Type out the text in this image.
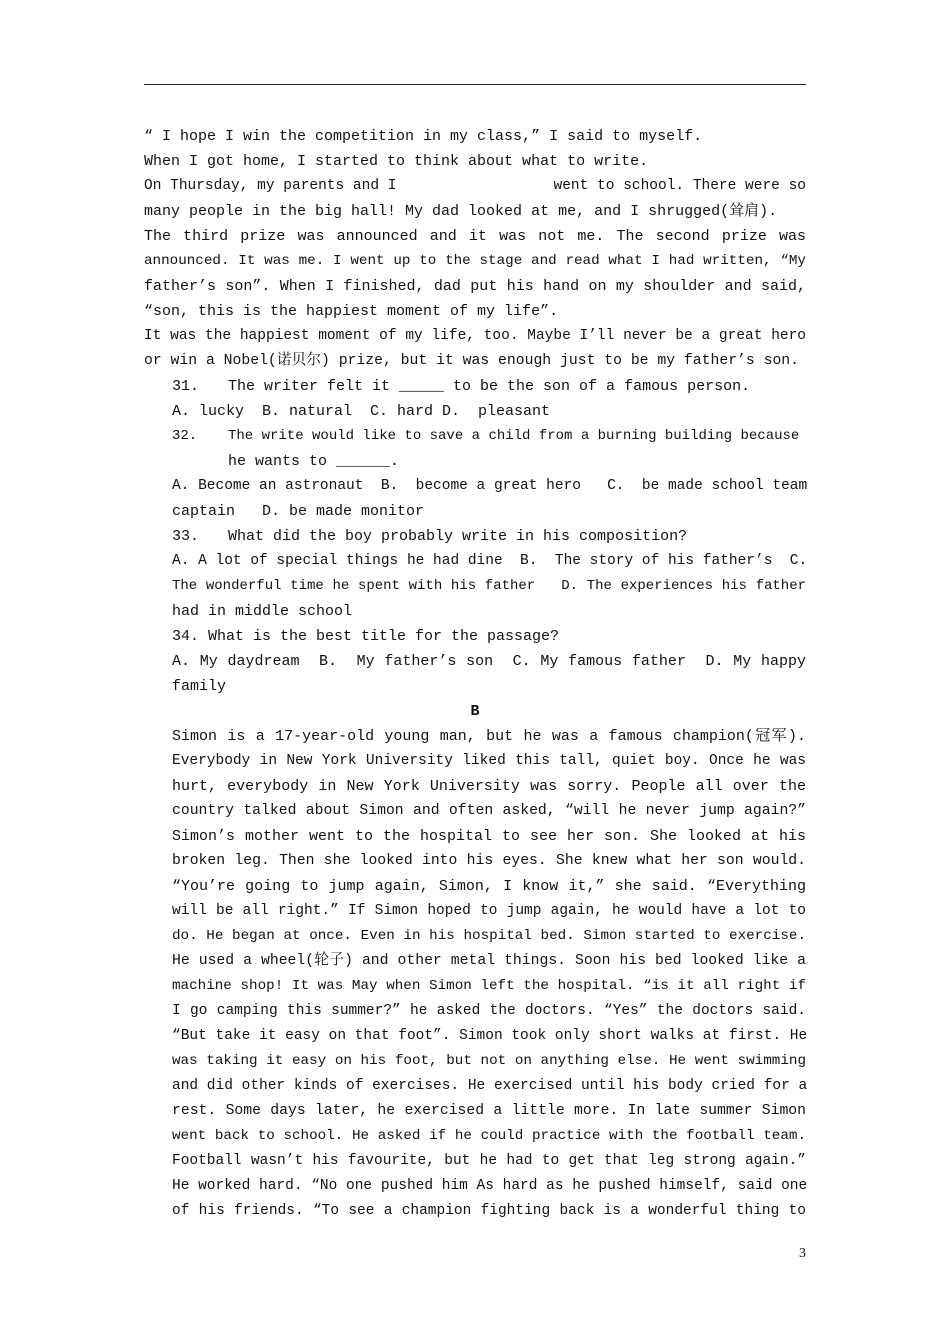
“ I hope I win the competition in my class,” I said to myself.
When I got home, I started to think about what to write.
On Thursday, my parents and I                  went to school. There were so
many people in the big hall! My dad looked at me, and I shrugged(耸肩).
The third prize was announced and it was not me. The second prize was
announced. It was me. I went up to the stage and read what I had written, “My
father’s son”. When I finished, dad put his hand on my shoulder and said,
“son, this is the happiest moment of my life”.
It was the happiest moment of my life, too. Maybe I’ll never be a great hero
or win a Nobel(诺贝尔) prize, but it was enough just to be my father’s son.
31. The writer felt it _____ to be the son of a famous person.
A. lucky  B. natural  C. hard D.  pleasant
32. The write would like to save a child from a burning building because
he wants to ______.
A. Become an astronaut  B.  become a great hero   C.  be made school team
captain   D. be made monitor
33. What did the boy probably write in his composition?
A. A lot of special things he had dine  B.  The story of his father’s  C.
The wonderful time he spent with his father   D. The experiences his father
had in middle school
34. What is the best title for the passage?
A. My daydream  B.  My father’s son  C. My famous father  D. My happy
family
B
Simon is a 17-year-old young man, but he was a famous champion(冠军).
Everybody in New York University liked this tall, quiet boy. Once he was
hurt, everybody in New York University was sorry. People all over the
country talked about Simon and often asked, “will he never jump again?”
Simon’s mother went to the hospital to see her son. She looked at his
broken leg. Then she looked into his eyes. She knew what her son would.
“You’re going to jump again, Simon, I know it,” she said. “Everything
will be all right.” If Simon hoped to jump again, he would have a lot to
do. He began at once. Even in his hospital bed. Simon started to exercise.
He used a wheel(轮子) and other metal things. Soon his bed looked like a
machine shop! It was May when Simon left the hospital. “is it all right if
I go camping this summer?” he asked the doctors. “Yes” the doctors said.
“But take it easy on that foot”. Simon took only short walks at first. He
was taking it easy on his foot, but not on anything else. He went swimming
and did other kinds of exercises. He exercised until his body cried for a
rest. Some days later, he exercised a little more. In late summer Simon
went back to school. He asked if he could practice with the football team.
Football wasn’t his favourite, but he had to get that leg strong again.”
He worked hard. “No one pushed him As hard as he pushed himself, said one
of his friends. “To see a champion fighting back is a wonderful thing to
3
